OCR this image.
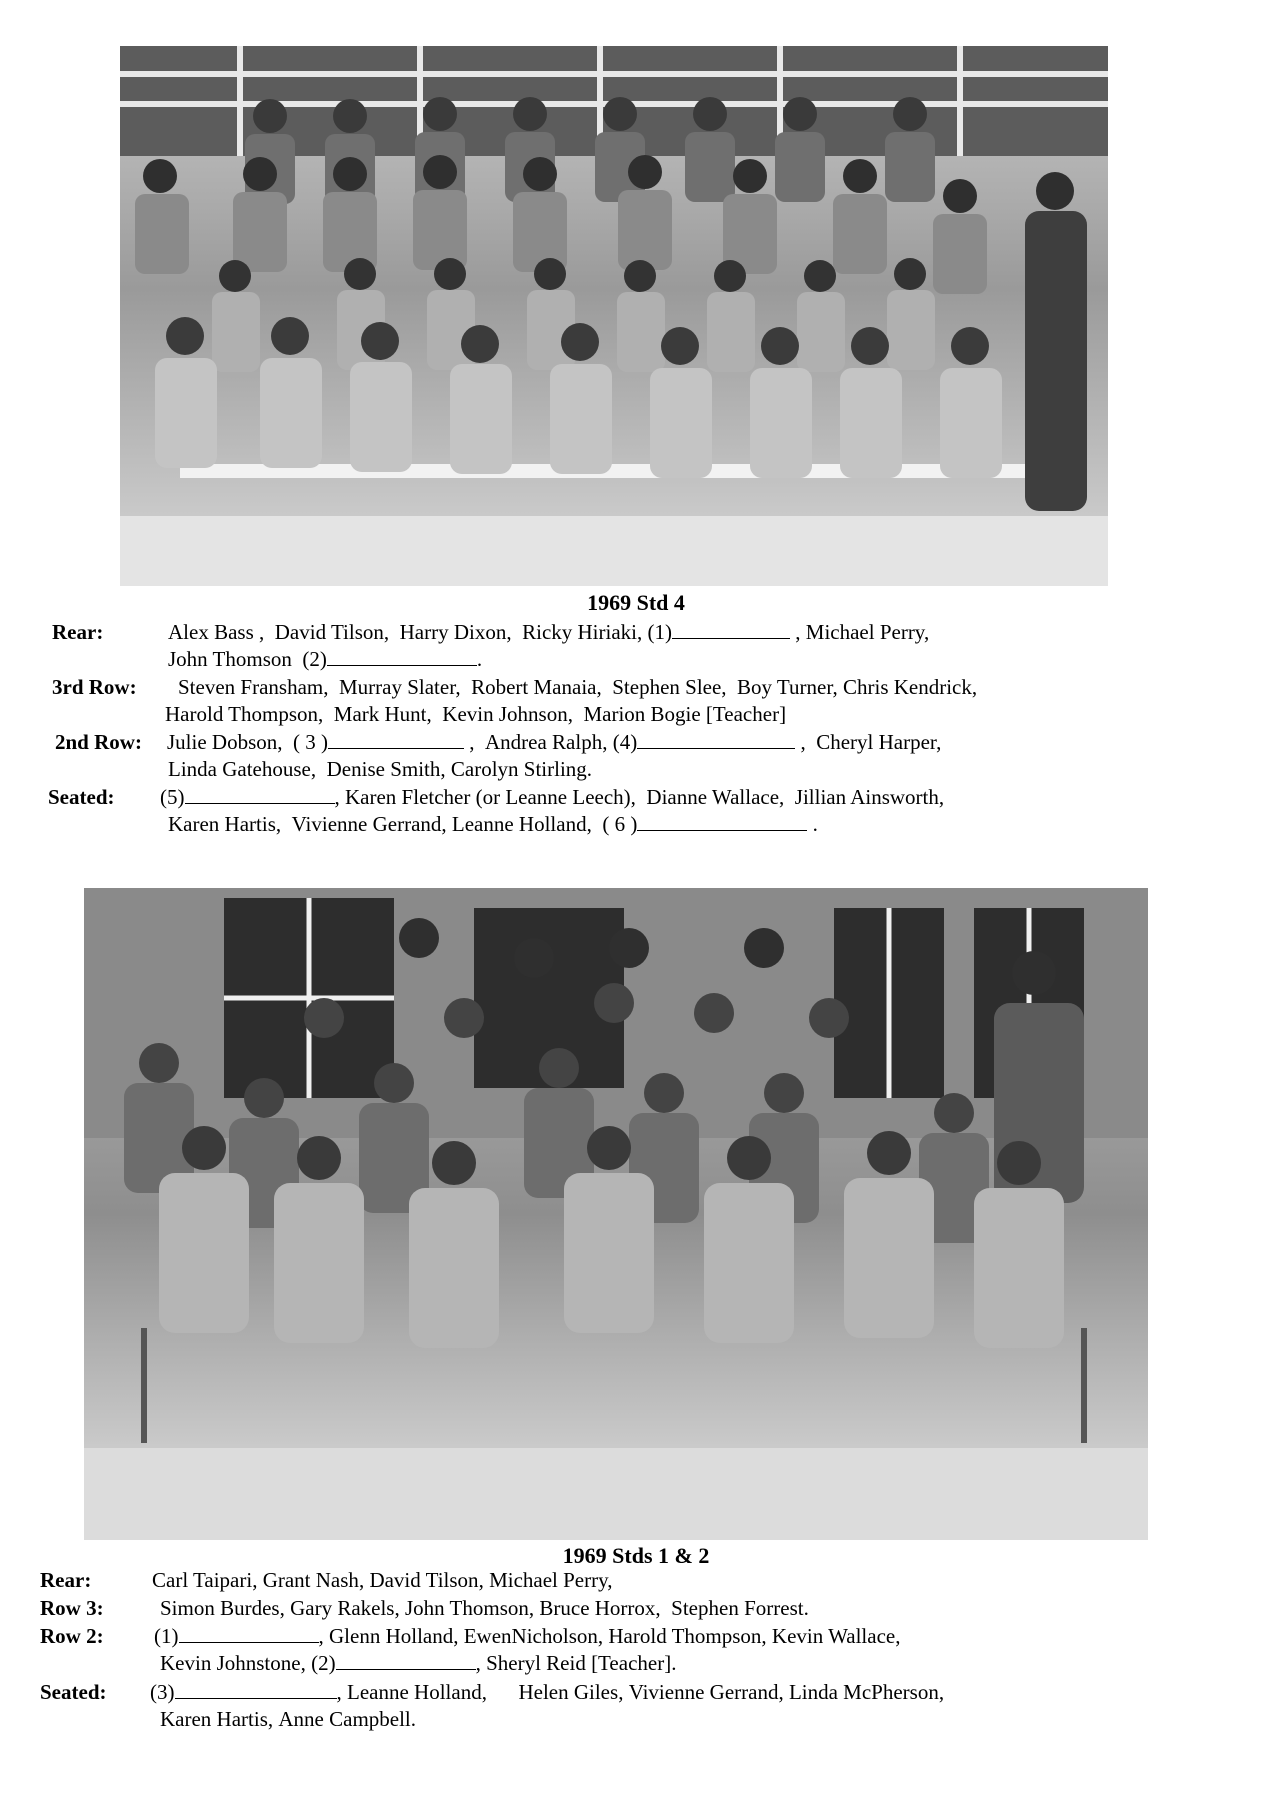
1969 Std 4
Rear:	Alex Bass ,  David Tilson,  Harry Dixon,  Ricky Hiriaki, (1)	, Michael Perry,
John Thomson (2)	.
3rd Row: Steven Fransham,  Murray Slater,  Robert Manaia,  Stephen Slee,  Boy Turner, Chris Kendrick,
Harold Thompson,  Mark Hunt,  Kevin Johnson,  Marion Bogie [Teacher]
2nd Row: Julie Dobson,  ( 3 )	,  Andrea Ralph, (4)	,  Cheryl Harper,
Linda Gatehouse,  Denise Smith, Carolyn Stirling.
Seated: (5)	, Karen Fletcher (or Leanne Leech),  Dianne Wallace,  Jillian Ainsworth,
Karen Hartis,  Vivienne Gerrand, Leanne Holland,  ( 6 )	.
1969 Stds 1 & 2
Rear:	Carl Taipari, Grant Nash, David Tilson, Michael Perry,
Row 3:	Simon Burdes, Gary Rakels, John Thomson, Bruce Horrox,  Stephen Forrest.
Row 2: (1)	, Glenn Holland, EwenNicholson, Harold Thompson, Kevin Wallace,
Kevin Johnstone, (2)	, Sheryl Reid [Teacher].
Seated: (3)	, Leanne Holland,      Helen Giles, Vivienne Gerrand, Linda McPherson,
Karen Hartis, Anne Campbell.
